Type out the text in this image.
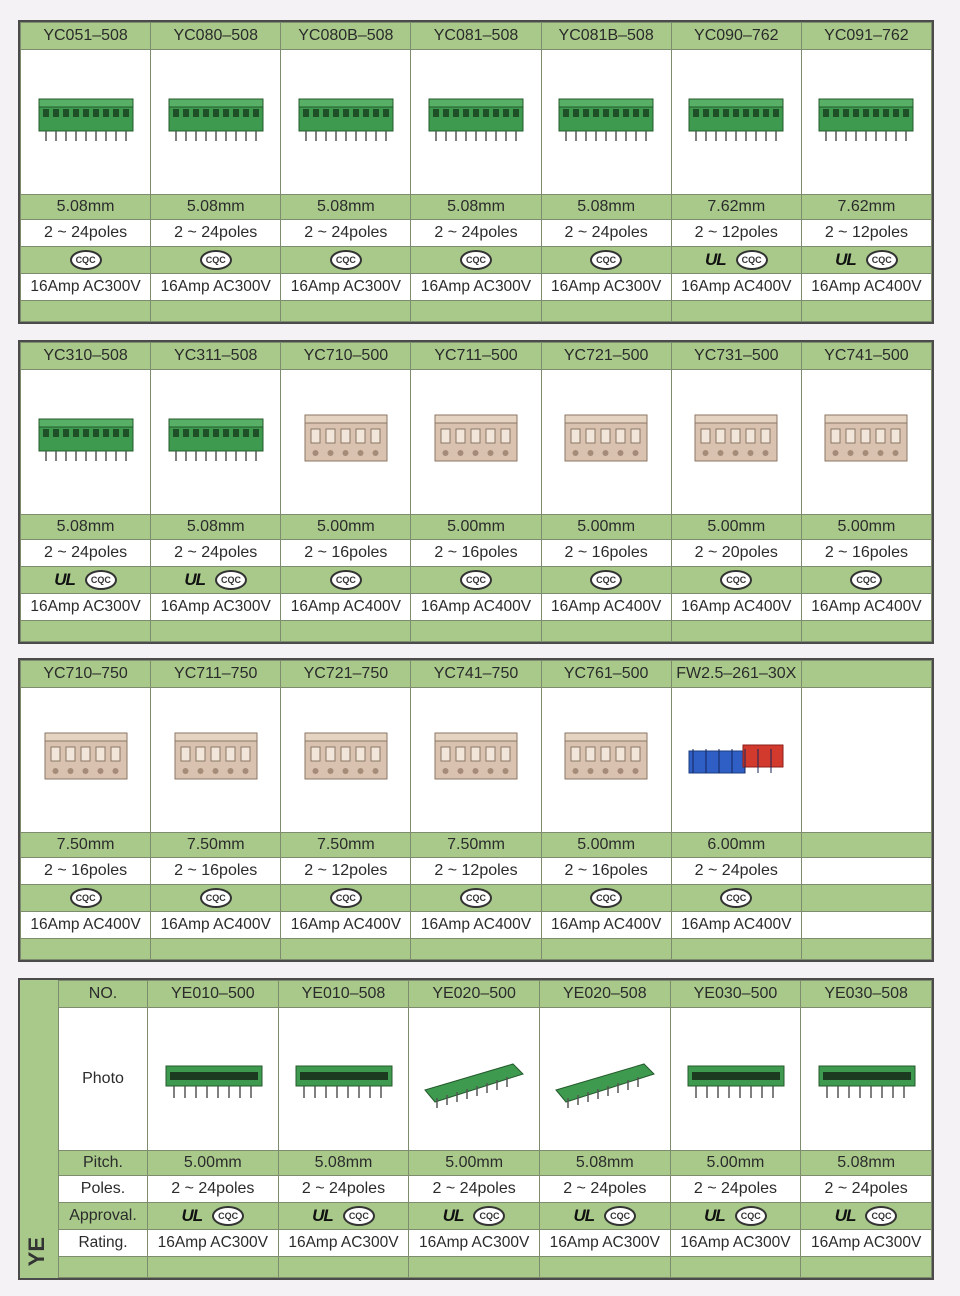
YC051–508	YC080–508	YC080B–508	YC081–508	YC081B–508	YC090–762	YC091–762

5.08mm	5.08mm	5.08mm	5.08mm	5.08mm	7.62mm	7.62mm
2 ~ 24poles	2 ~ 24poles	2 ~ 24poles	2 ~ 24poles	2 ~ 24poles	2 ~ 12poles	2 ~ 12poles
CQC	CQC	CQC	CQC	CQC	UL CQC	UL CQC
16Amp AC300V	16Amp AC300V	16Amp AC300V	16Amp AC300V	16Amp AC300V	16Amp AC400V	16Amp AC400V

YC310–508	YC311–508	YC710–500	YC711–500	YC721–500	YC731–500	YC741–500

5.08mm	5.08mm	5.00mm	5.00mm	5.00mm	5.00mm	5.00mm
2 ~ 24poles	2 ~ 24poles	2 ~ 16poles	2 ~ 16poles	2 ~ 16poles	2 ~ 20poles	2 ~ 16poles
UL CQC	UL CQC	CQC	CQC	CQC	CQC	CQC
16Amp AC300V	16Amp AC300V	16Amp AC400V	16Amp AC400V	16Amp AC400V	16Amp AC400V	16Amp AC400V

YC710–750	YC711–750	YC721–750	YC741–750	YC761–500	FW2.5–261–30X	

7.50mm	7.50mm	7.50mm	7.50mm	5.00mm	6.00mm	
2 ~ 16poles	2 ~ 16poles	2 ~ 12poles	2 ~ 12poles	2 ~ 16poles	2 ~ 24poles	
CQC	CQC	CQC	CQC	CQC	CQC	
16Amp AC400V	16Amp AC400V	16Amp AC400V	16Amp AC400V	16Amp AC400V	16Amp AC400V	

YE
NO.	YE010–500	YE010–508	YE020–500	YE020–508	YE030–500	YE030–508
Photo	

Pitch.	5.00mm	5.08mm	5.00mm	5.08mm	5.00mm	5.08mm
Poles.	2 ~ 24poles	2 ~ 24poles	2 ~ 24poles	2 ~ 24poles	2 ~ 24poles	2 ~ 24poles
Approval.	UL CQC	UL CQC	UL CQC	UL CQC	UL CQC	UL CQC
Rating.	16Amp AC300V	16Amp AC300V	16Amp AC300V	16Amp AC300V	16Amp AC300V	16Amp AC300V
